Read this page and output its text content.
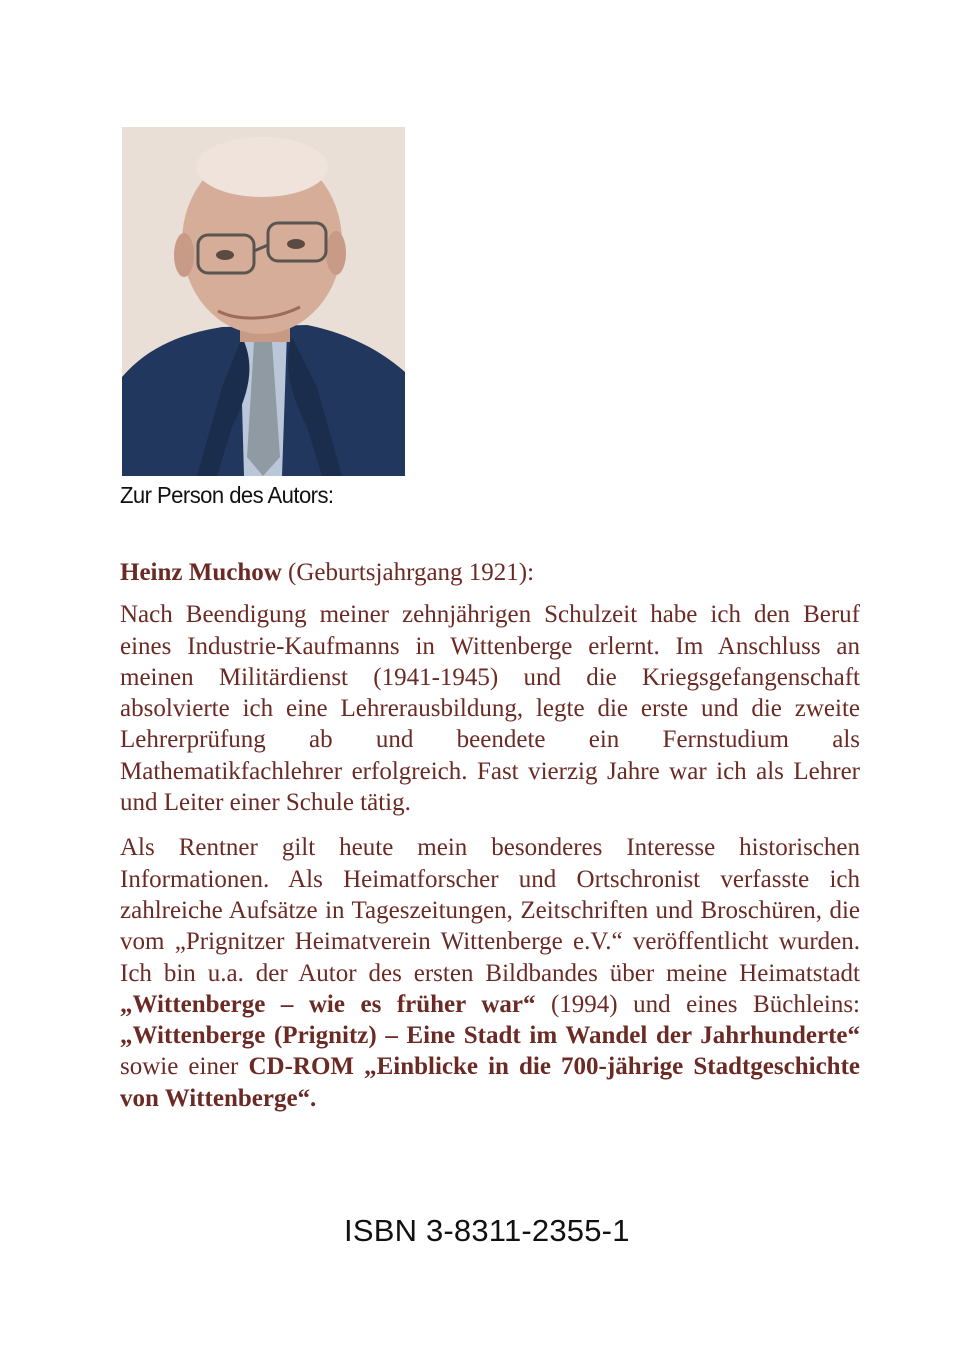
Zur Person des Autors:

Heinz Muchow (Geburtsjahrgang 1921):

Nach Beendigung meiner zehnjährigen Schulzeit habe ich den Beruf eines Industrie-Kaufmanns in Wittenberge erlernt. Im Anschluss an meinen Militärdienst (1941-1945) und die Kriegsgefangenschaft absolvierte ich eine Lehrerausbildung, legte die erste und die zweite Lehrerprüfung ab und beendete ein Fernstudium als Mathematikfachlehrer erfolgreich. Fast vierzig Jahre war ich als Lehrer und Leiter einer Schule tätig.

Als Rentner gilt heute mein besonderes Interesse historischen Informationen. Als Heimatforscher und Ortschronist verfasste ich zahlreiche Aufsätze in Tageszeitungen, Zeitschriften und Broschüren, die vom „Prignitzer Heimatverein Wittenberge e.V.“ veröffentlicht wurden. Ich bin u.a. der Autor des ersten Bildbandes über meine Heimatstadt „Wittenberge – wie es früher war“ (1994) und eines Büchleins: „Wittenberge (Prignitz) – Eine Stadt im Wandel der Jahrhunderte“ sowie einer CD-ROM „Einblicke in die 700-jährige Stadtgeschichte von Wittenberge“.

ISBN 3-8311-2355-1
